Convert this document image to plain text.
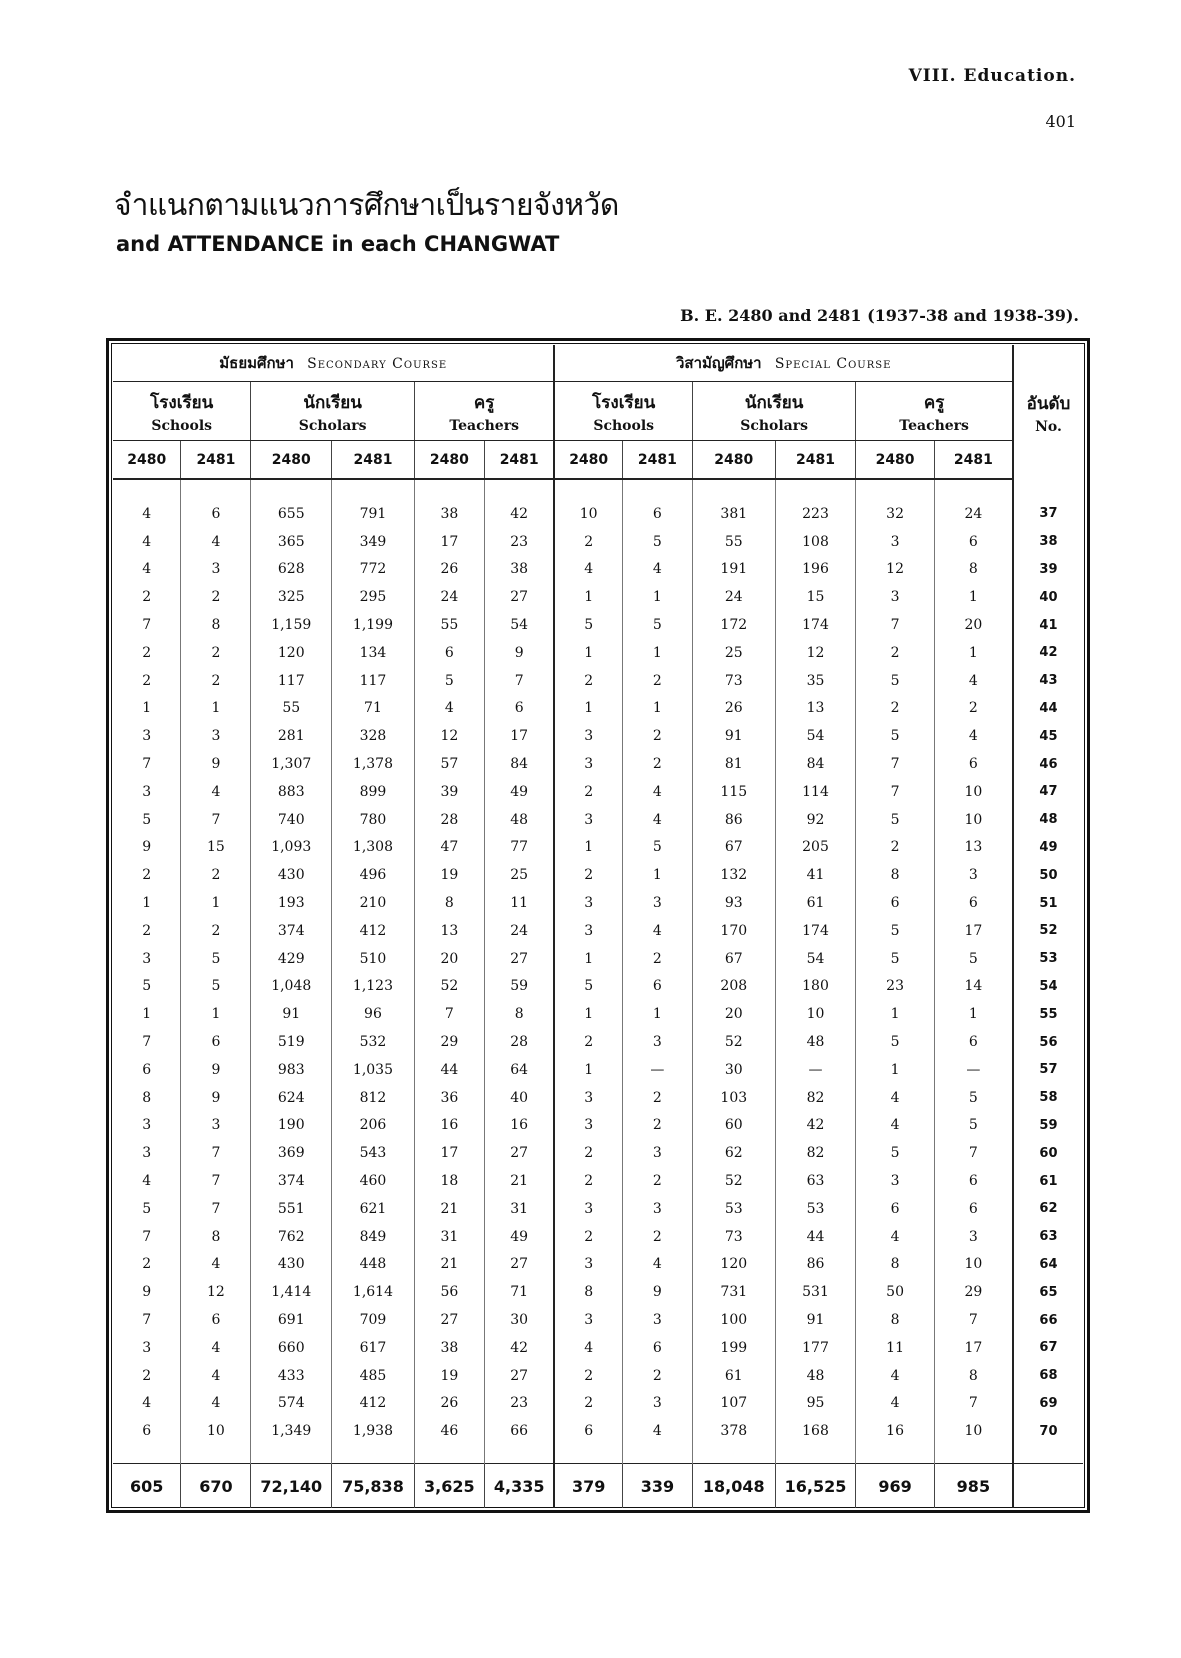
VIII. Education.
401
จำแนกตามแนวการศึกษาเป็นรายจังหวัด
and ATTENDANCE in each CHANGWAT
B. E. 2480 and 2481 (1937-38 and 1938-39).
มัธยมศึกษา Secondary Course						วิสามัญศึกษา Special Course						อันดับ
No.

โรงเรียน
Schools		นักเรียน
Scholars		ครู
Teachers		โรงเรียน
Schools		นักเรียน
Scholars		ครู
Teachers		

2480	2481	2480	2481	2480	2481	2480	2481	2480	2481	2480	2481	

4	6	655	791	38	42	10	6	381	223	32	24	37
4	4	365	349	17	23	2	5	55	108	3	6	38
4	3	628	772	26	38	4	4	191	196	12	8	39
2	2	325	295	24	27	1	1	24	15	3	1	40
7	8	1,159	1,199	55	54	5	5	172	174	7	20	41
2	2	120	134	6	9	1	1	25	12	2	1	42
2	2	117	117	5	7	2	2	73	35	5	4	43
1	1	55	71	4	6	1	1	26	13	2	2	44
3	3	281	328	12	17	3	2	91	54	5	4	45
7	9	1,307	1,378	57	84	3	2	81	84	7	6	46
3	4	883	899	39	49	2	4	115	114	7	10	47
5	7	740	780	28	48	3	4	86	92	5	10	48
9	15	1,093	1,308	47	77	1	5	67	205	2	13	49
2	2	430	496	19	25	2	1	132	41	8	3	50
1	1	193	210	8	11	3	3	93	61	6	6	51
2	2	374	412	13	24	3	4	170	174	5	17	52
3	5	429	510	20	27	1	2	67	54	5	5	53
5	5	1,048	1,123	52	59	5	6	208	180	23	14	54
1	1	91	96	7	8	1	1	20	10	1	1	55
7	6	519	532	29	28	2	3	52	48	5	6	56
6	9	983	1,035	44	64	1	—	30	—	1	—	57
8	9	624	812	36	40	3	2	103	82	4	5	58
3	3	190	206	16	16	3	2	60	42	4	5	59
3	7	369	543	17	27	2	3	62	82	5	7	60
4	7	374	460	18	21	2	2	52	63	3	6	61
5	7	551	621	21	31	3	3	53	53	6	6	62
7	8	762	849	31	49	2	2	73	44	4	3	63
2	4	430	448	21	27	3	4	120	86	8	10	64
9	12	1,414	1,614	56	71	8	9	731	531	50	29	65
7	6	691	709	27	30	3	3	100	91	8	7	66
3	4	660	617	38	42	4	6	199	177	11	17	67
2	4	433	485	19	27	2	2	61	48	4	8	68
4	4	574	412	26	23	2	3	107	95	4	7	69
6	10	1,349	1,938	46	66	6	4	378	168	16	10	70

605	670	72,140	75,838	3,625	4,335	379	339	18,048	16,525	969	985	
